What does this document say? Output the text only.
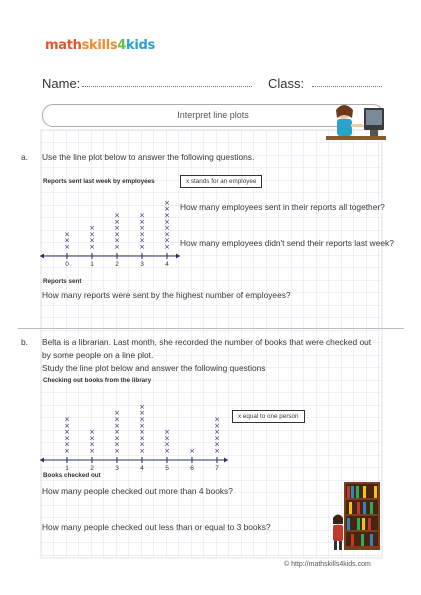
mathskills4kids
Name:	Class:
Interpret line plots
a. Use the line plot below to answer the following questions.
Reports sent last week by employees	x stands for an employee
How many employees sent in their reports all together?
How many employees didn't send their reports last week?
Reports sent
How many reports were sent by the highest number of employees?
0
×
×
×
1
×
×
×
×
2
×
×
×
×
×
×
3
×
×
×
×
×
×
4
×
×
×
×
×
×
×
×
b. Belta is a librarian. Last month, she recorded the number of books that were checked out
by some people on a line plot.
Study the line plot below and answer the following questions
Checking out books from the library
x equal to one person
Books checked out
How many people checked out more than 4 books?
How many people checked out less than or equal to 3 books?
1
×
×
×
×
×
×
2
×
×
×
×
3
×
×
×
×
×
×
×
4
×
×
×
×
×
×
×
×
5
×
×
×
×
6
×
7
×
×
×
×
×
×
© http://mathskills4kids.com
